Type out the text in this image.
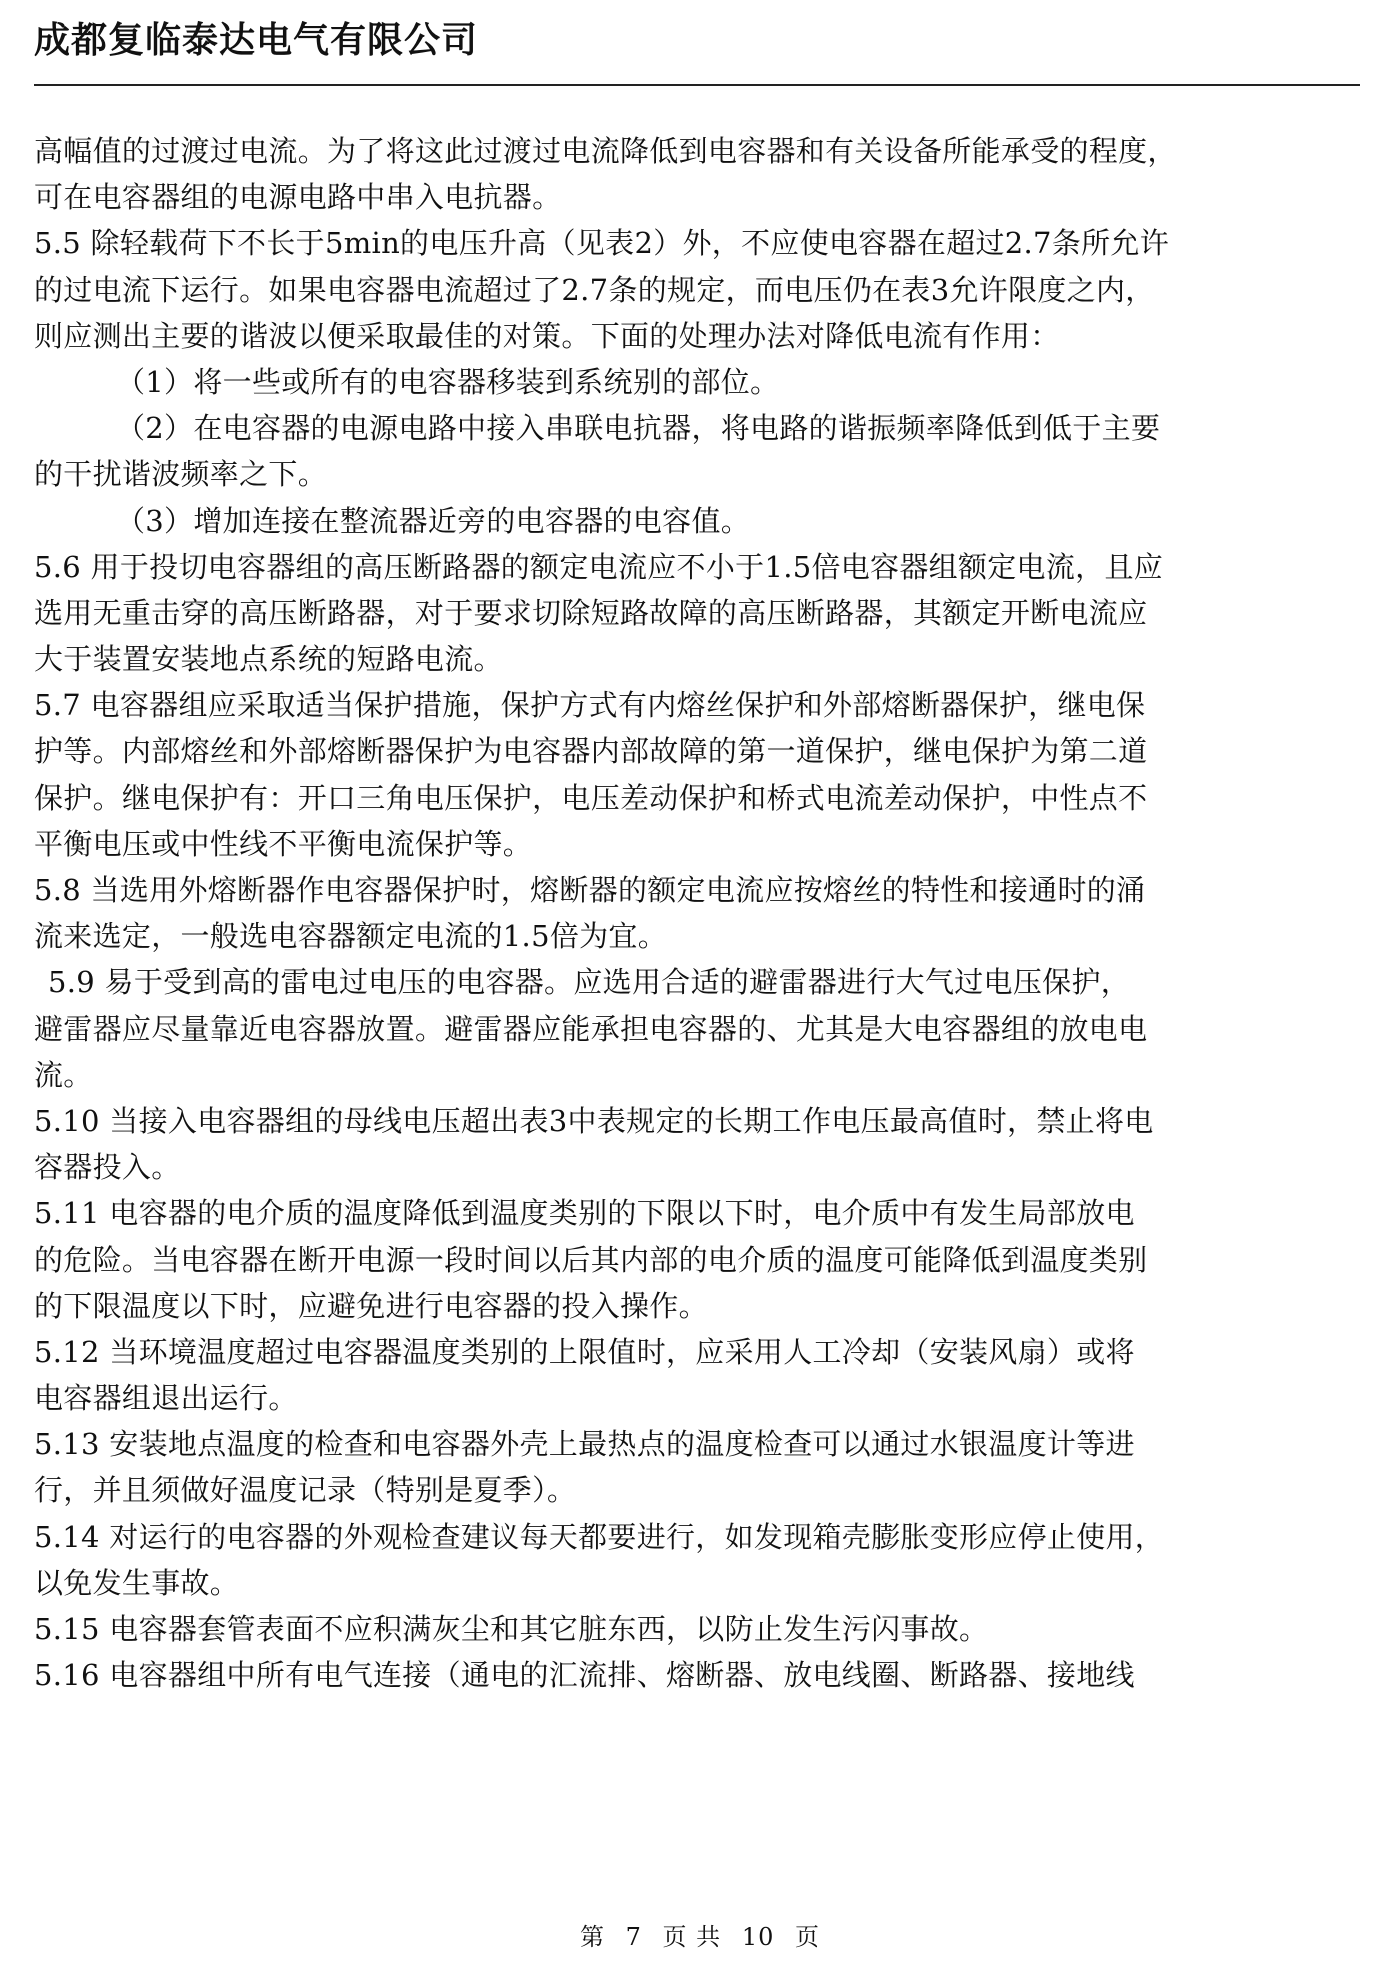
成都复临泰达电气有限公司
高幅值的过渡过电流。为了将这此过渡过电流降低到电容器和有关设备所能承受的程度，
可在电容器组的电源电路中串入电抗器。
5.5 除轻载荷下不长于5min的电压升高（见表2）外，不应使电容器在超过2.7条所允许
的过电流下运行。如果电容器电流超过了2.7条的规定，而电压仍在表3允许限度之内，
则应测出主要的谐波以便采取最佳的对策。下面的处理办法对降低电流有作用：
（1）将一些或所有的电容器移装到系统别的部位。
（2）在电容器的电源电路中接入串联电抗器，将电路的谐振频率降低到低于主要
的干扰谐波频率之下。
（3）增加连接在整流器近旁的电容器的电容值。
5.6 用于投切电容器组的高压断路器的额定电流应不小于1.5倍电容器组额定电流，且应
选用无重击穿的高压断路器，对于要求切除短路故障的高压断路器，其额定开断电流应
大于装置安装地点系统的短路电流。
5.7 电容器组应采取适当保护措施，保护方式有内熔丝保护和外部熔断器保护，继电保
护等。内部熔丝和外部熔断器保护为电容器内部故障的第一道保护，继电保护为第二道
保护。继电保护有：开口三角电压保护，电压差动保护和桥式电流差动保护，中性点不
平衡电压或中性线不平衡电流保护等。
5.8 当选用外熔断器作电容器保护时，熔断器的额定电流应按熔丝的特性和接通时的涌
流来选定，一般选电容器额定电流的1.5倍为宜。
5.9 易于受到高的雷电过电压的电容器。应选用合适的避雷器进行大气过电压保护，
避雷器应尽量靠近电容器放置。避雷器应能承担电容器的、尤其是大电容器组的放电电
流。
5.10 当接入电容器组的母线电压超出表3中表规定的长期工作电压最高值时，禁止将电
容器投入。
5.11 电容器的电介质的温度降低到温度类别的下限以下时，电介质中有发生局部放电
的危险。当电容器在断开电源一段时间以后其内部的电介质的温度可能降低到温度类别
的下限温度以下时，应避免进行电容器的投入操作。
5.12 当环境温度超过电容器温度类别的上限值时，应采用人工冷却（安装风扇）或将
电容器组退出运行。
5.13 安装地点温度的检查和电容器外壳上最热点的温度检查可以通过水银温度计等进
行，并且须做好温度记录（特别是夏季）。
5.14 对运行的电容器的外观检查建议每天都要进行，如发现箱壳膨胀变形应停止使用，
以免发生事故。
5.15 电容器套管表面不应积满灰尘和其它脏东西，以防止发生污闪事故。
5.16 电容器组中所有电气连接（通电的汇流排、熔断器、放电线圈、断路器、接地线
第 7 页 共 10 页
